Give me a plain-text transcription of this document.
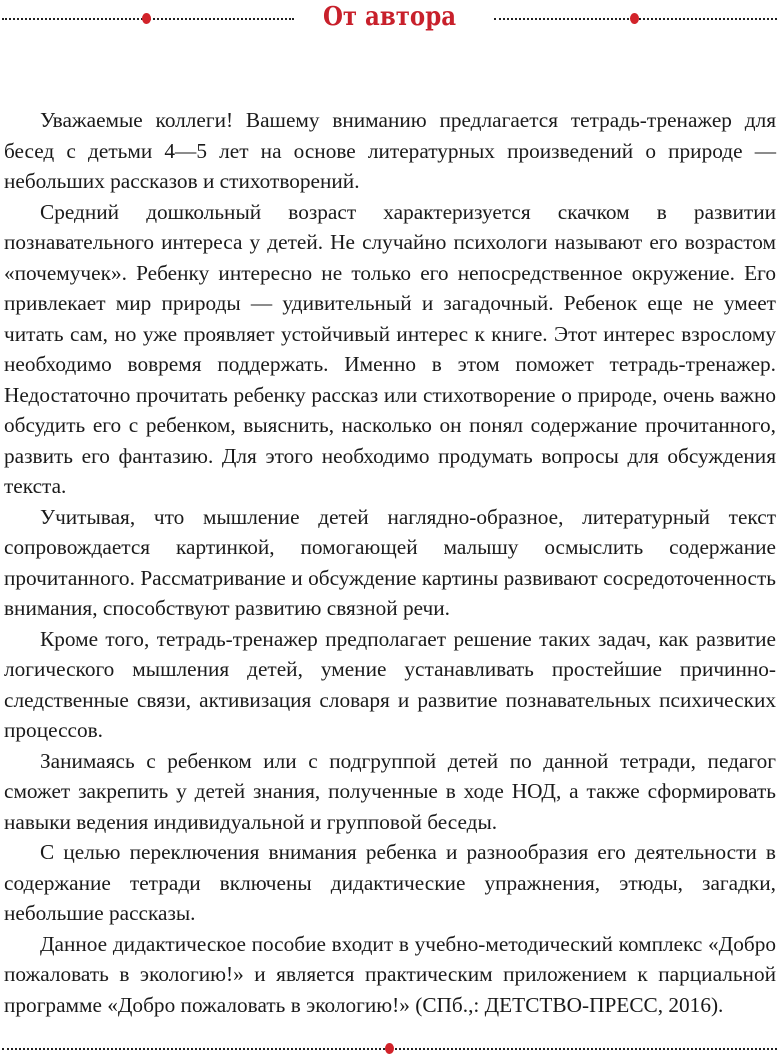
От автора

Уважаемые коллеги! Вашему вниманию предлагается тетрадь-тренажер для бесед с детьми 4—5 лет на основе литературных произведений о природе — небольших рассказов и стихотворений.

Средний дошкольный возраст характеризуется скачком в развитии познавательного интереса у детей. Не случайно психологи называют его возрастом «почемучек». Ребенку интересно не только его непосредственное окружение. Его привлекает мир природы — удивительный и загадочный. Ребенок еще не умеет читать сам, но уже проявляет устойчивый интерес к книге. Этот интерес взрослому необходимо вовремя поддержать. Именно в этом поможет тетрадь-тренажер. Недостаточно прочитать ребенку рассказ или стихотворение о природе, очень важно обсудить его с ребенком, выяснить, насколько он понял содержание прочитанного, развить его фантазию. Для этого необходимо продумать вопросы для обсуждения текста.

Учитывая, что мышление детей наглядно-образное, литературный текст сопровождается картинкой, помогающей малышу осмыслить содержание прочитанного. Рассматривание и обсуждение картины развивают сосредоточенность внимания, способствуют развитию связной речи.

Кроме того, тетрадь-тренажер предполагает решение таких задач, как развитие логического мышления детей, умение устанавливать простейшие причинно-следственные связи, активизация словаря и развитие познавательных психических процессов.

Занимаясь с ребенком или с подгруппой детей по данной тетради, педагог сможет закрепить у детей знания, полученные в ходе НОД, а также сформировать навыки ведения индивидуальной и групповой беседы.

С целью переключения внимания ребенка и разнообразия его деятельности в содержание тетради включены дидактические упражнения, этюды, загадки, небольшие рассказы.

Данное дидактическое пособие входит в учебно-методический комплекс «Добро пожаловать в экологию!» и является практическим приложением к парциальной программе «Добро пожаловать в экологию!» (СПб.,: ДЕТСТВО-ПРЕСС, 2016).
